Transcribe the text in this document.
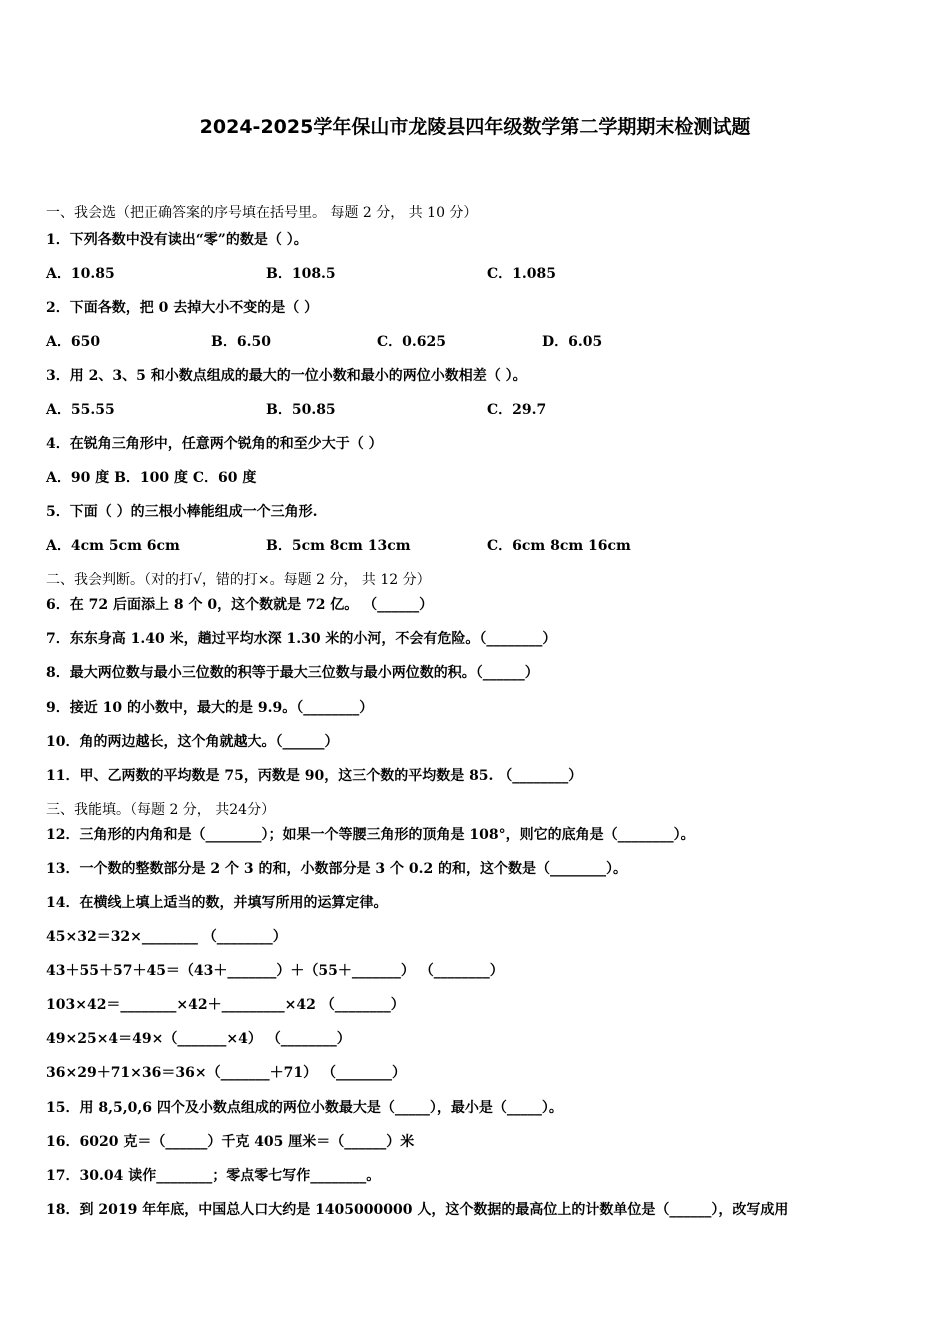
2024-2025学年保山市龙陵县四年级数学第二学期期末检测试题
一、我会选（把正确答案的序号填在括号里。 每题 2 分， 共 10 分）
1．下列各数中没有读出“零”的数是（ ）。
A．10.85	B．108.5	C．1.085
2．下面各数，把 0 去掉大小不变的是（ ）
A．650	B．6.50	C．0.625	D．6.05
3．用 2、3、5 和小数点组成的最大的一位小数和最小的两位小数相差（ ）。
A．55.55	B．50.85	C．29.7
4．在锐角三角形中，任意两个锐角的和至少大于（ ）
A．90 度 B．100 度 C．60 度
5．下面（ ）的三根小棒能组成一个三角形.
A．4cm 5cm 6cm	B．5cm 8cm 13cm	C．6cm 8cm 16cm
二、我会判断。（对的打√，错的打×。每题 2 分， 共 12 分）
6．在 72 后面添上 8 个 0，这个数就是 72 亿。 （______）
7．东东身高 1.40 米，趟过平均水深 1.30 米的小河，不会有危险。（________）
8．最大两位数与最小三位数的积等于最大三位数与最小两位数的积。（______）
9．接近 10 的小数中，最大的是 9.9。（________）
10．角的两边越长，这个角就越大。（______）
11．甲、乙两数的平均数是 75，丙数是 90，这三个数的平均数是 85. （________）
三、我能填。（每题 2 分， 共24分）
12．三角形的内角和是（________）；如果一个等腰三角形的顶角是 108°，则它的底角是（________）。
13．一个数的整数部分是 2 个 3 的和，小数部分是 3 个 0.2 的和，这个数是（________）。
14．在横线上填上适当的数，并填写所用的运算定律。
45×32＝32×________ （________）
43＋55＋57＋45＝（43＋_______）＋（55＋_______） （________）
103×42＝________×42＋_________×42 （________）
49×25×4＝49×（_______×4） （________）
36×29＋71×36＝36×（_______＋71） （________）
15．用 8,5,0,6 四个及小数点组成的两位小数最大是（_____），最小是（_____）。
16．6020 克＝（______）千克 405 厘米＝（______）米
17．30.04 读作________；零点零七写作________。
18．到 2019 年年底，中国总人口大约是 1405000000 人，这个数据的最高位上的计数单位是（______），改写成用
